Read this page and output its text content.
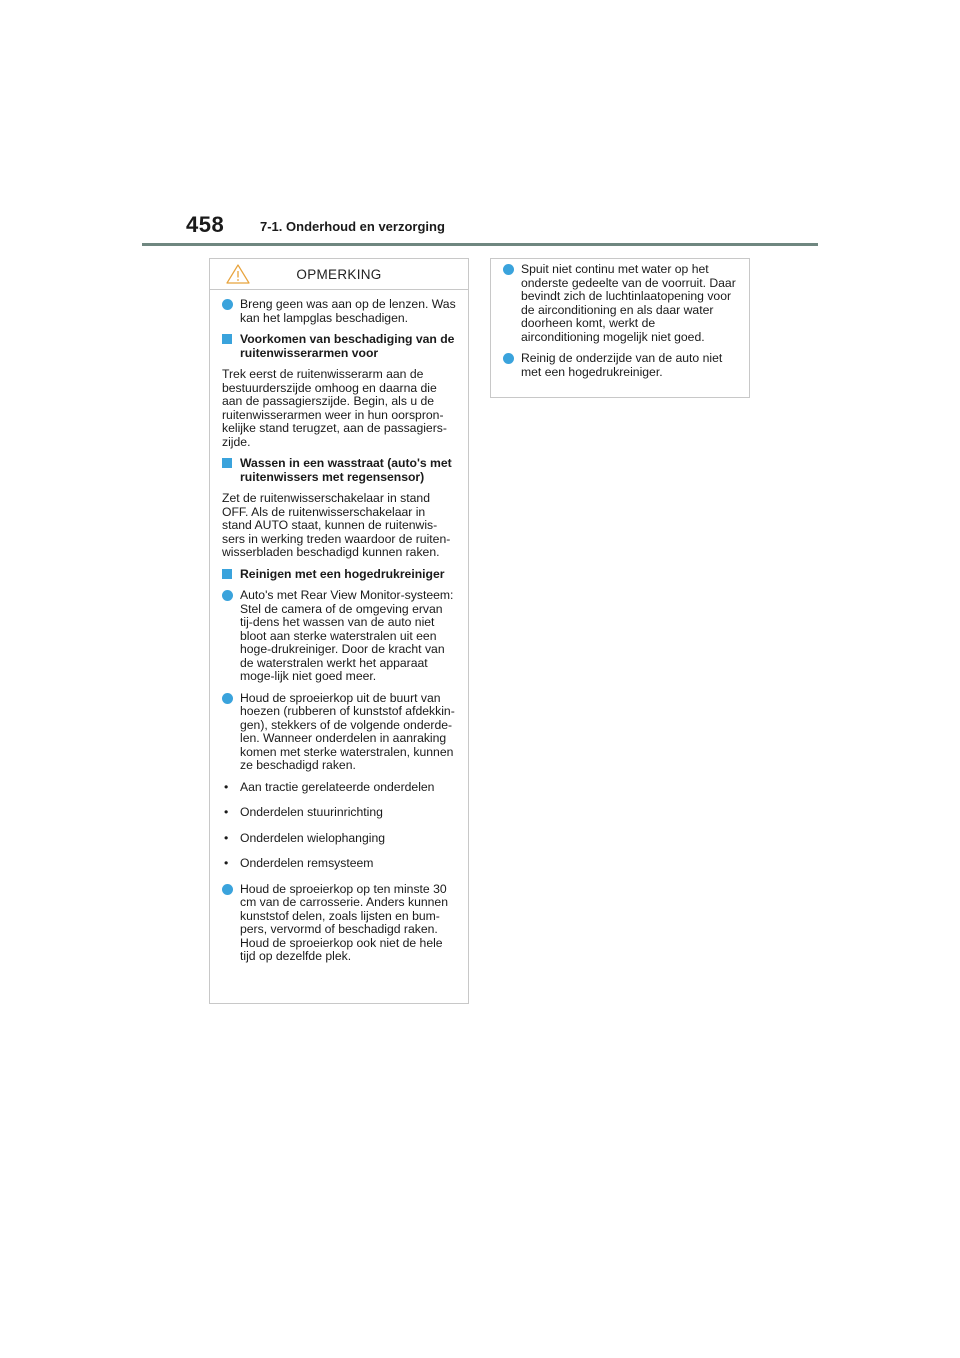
458	7-1. Onderhoud en verzorging
OPMERKING
Breng geen was aan op de lenzen. Was kan het lampglas beschadigen.
Voorkomen van beschadiging van de ruitenwisserarmen voor
Trek eerst de ruitenwisserarm aan de bestuurderszijde omhoog en daarna die aan de passagierszijde. Begin, als u de ruitenwisserarmen weer in hun oorspron-kelijke stand terugzet, aan de passagiers-zijde.
Wassen in een wasstraat (auto's met ruitenwissers met regensensor)
Zet de ruitenwisserschakelaar in stand OFF. Als de ruitenwisserschakelaar in stand AUTO staat, kunnen de ruitenwis-sers in werking treden waardoor de ruiten-wisserbladen beschadigd kunnen raken.
Reinigen met een hogedrukreiniger
Auto's met Rear View Monitor-systeem: Stel de camera of de omgeving ervan tij-dens het wassen van de auto niet bloot aan sterke waterstralen uit een hoge-drukreiniger. Door de kracht van de waterstralen werkt het apparaat moge-lijk niet goed meer.
Houd de sproeierkop uit de buurt van hoezen (rubberen of kunststof afdekkin-gen), stekkers of de volgende onderde-len. Wanneer onderdelen in aanraking komen met sterke waterstralen, kunnen ze beschadigd raken.
• Aan tractie gerelateerde onderdelen
• Onderdelen stuurinrichting
• Onderdelen wielophanging
• Onderdelen remsysteem
Houd de sproeierkop op ten minste 30 cm van de carrosserie. Anders kunnen kunststof delen, zoals lijsten en bum-pers, vervormd of beschadigd raken. Houd de sproeierkop ook niet de hele tijd op dezelfde plek.
Spuit niet continu met water op het onderste gedeelte van de voorruit. Daar bevindt zich de luchtinlaatopening voor de airconditioning en als daar water doorheen komt, werkt de airconditioning mogelijk niet goed.
Reinig de onderzijde van de auto niet met een hogedrukreiniger.
